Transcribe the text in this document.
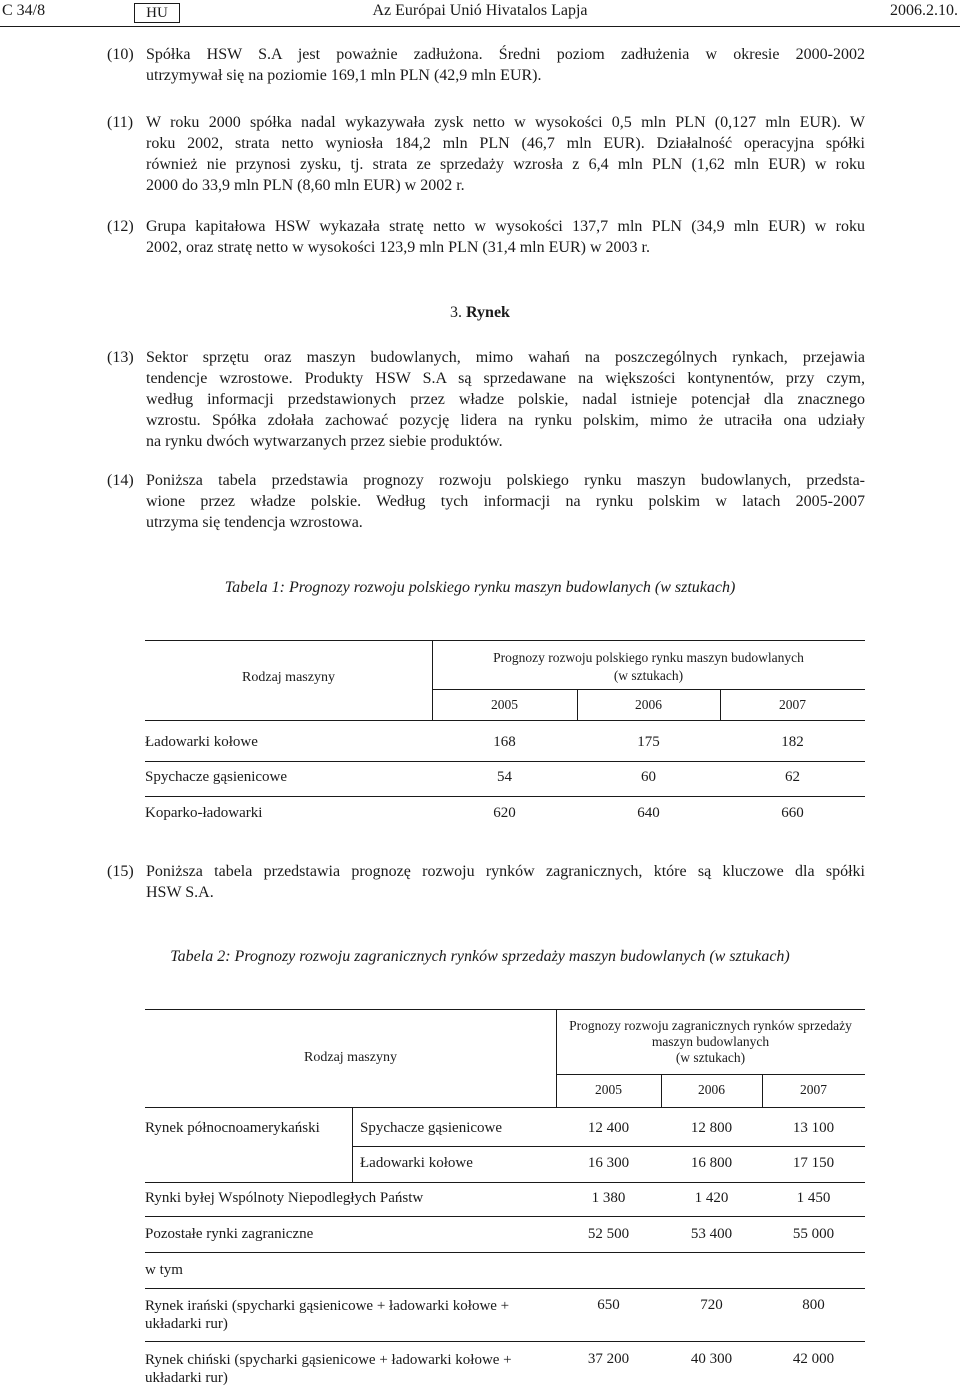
C 34/8	HU	Az Európai Unió Hivatalos Lapja	2006.2.10.
(10) Spółka HSW S.A jest poważnie zadłużona. Średni poziom zadłużenia w okresie 2000-2002
utrzymywał się na poziomie 169,1 mln PLN (42,9 mln EUR).
(11) W roku 2000 spółka nadal wykazywała zysk netto w wysokości 0,5 mln PLN (0,127 mln EUR). W
roku 2002, strata netto wyniosła 184,2 mln PLN (46,7 mln EUR). Działalność operacyjna spółki
również nie przynosi zysku, tj. strata ze sprzedaży wzrosła z 6,4 mln PLN (1,62 mln EUR) w roku
2000 do 33,9 mln PLN (8,60 mln EUR) w 2002 r.
(12) Grupa kapitałowa HSW wykazała stratę netto w wysokości 137,7 mln PLN (34,9 mln EUR) w roku
2002, oraz stratę netto w wysokości 123,9 mln PLN (31,4 mln EUR) w 2003 r.
3. Rynek
(13) Sektor sprzętu oraz maszyn budowlanych, mimo wahań na poszczególnych rynkach, przejawia
tendencje wzrostowe. Produkty HSW S.A są sprzedawane na większości kontynentów, przy czym,
według informacji przedstawionych przez władze polskie, nadal istnieje potencjał dla znacznego
wzrostu. Spółka zdołała zachować pozycję lidera na rynku polskim, mimo że utraciła ona udziały
na rynku dwóch wytwarzanych przez siebie produktów.
(14) Poniższa tabela przedstawia prognozy rozwoju polskiego rynku maszyn budowlanych, przedsta-
wione przez władze polskie. Według tych informacji na rynku polskim w latach 2005-2007
utrzyma się tendencja wzrostowa.
Tabela 1: Prognozy rozwoju polskiego rynku maszyn budowlanych (w sztukach)
Rodzaj maszyny
Prognozy rozwoju polskiego rynku maszyn budowlanych
(w sztukach)
2005	2006	2007
Ładowarki kołowe	168	175	182
Spychacze gąsienicowe	54	60	62
Koparko-ładowarki	620	640	660
(15) Poniższa tabela przedstawia prognozę rozwoju rynków zagranicznych, które są kluczowe dla spółki
HSW S.A.
Tabela 2: Prognozy rozwoju zagranicznych rynków sprzedaży maszyn budowlanych (w sztukach)
Rodzaj maszyny
Prognozy rozwoju zagranicznych rynków sprzedaży
maszyn budowlanych
(w sztukach)
2005	2006	2007
Rynek północnoamerykański	Spychacze gąsienicowe	12 400	12 800	13 100
Ładowarki kołowe	16 300	16 800	17 150
Rynki byłej Wspólnoty Niepodległych Państw	1 380	1 420	1 450
Pozostałe rynki zagraniczne	52 500	53 400	55 000
w tym
Rynek irański (spycharki gąsienicowe + ładowarki kołowe +
układarki rur)
650	720	800
Rynek chiński (spycharki gąsienicowe + ładowarki kołowe +
układarki rur)
37 200	40 300	42 000
